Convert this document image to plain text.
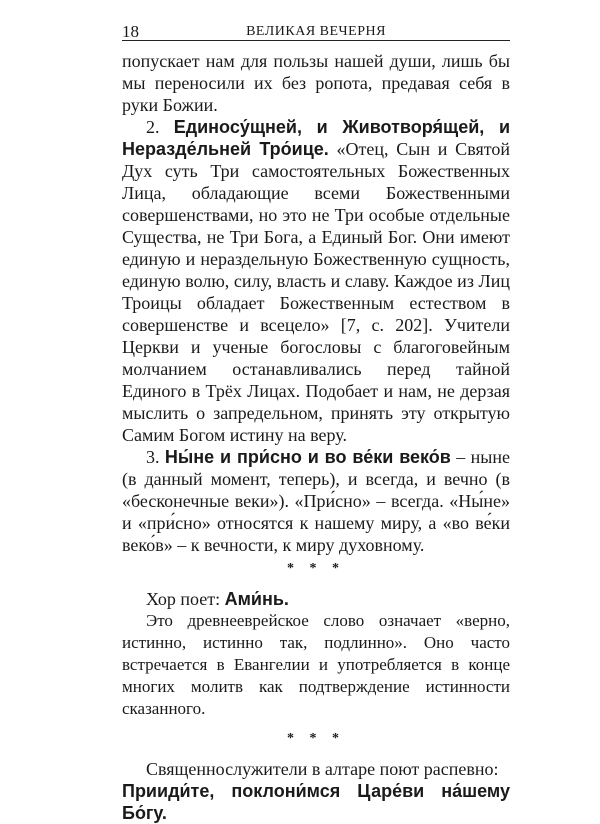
18	ВЕЛИКАЯ ВЕЧЕРНЯ

попускает нам для пользы нашей души, лишь бы мы переносили их без ропота, предавая себя в руки Божии.

2. Единосу́щней, и Животворя́щей, и Неразде́льней Тро́ице. «Отец, Сын и Святой Дух суть Три самостоятельных Божественных Лица, обладающие всеми Божественными совершенствами, но это не Три особые отдельные Существа, не Три Бога, а Единый Бог. Они имеют единую и нераздельную Божественную сущность, единую волю, силу, власть и славу. Каждое из Лиц Троицы обладает Божественным естеством в совершенстве и всецело» [7, с. 202]. Учители Церкви и ученые богословы с благоговейным молчанием останавливались перед тайной Единого в Трёх Лицах. Подобает и нам, не дерзая мыслить о запредельном, принять эту открытую Самим Богом истину на веру.

3. Ны́не и при́сно и во ве́ки веко́в – ныне (в данный момент, теперь), и всегда, и вечно (в «бесконечные веки»). «При́сно» – всегда. «Ны́не» и «при́сно» относятся к нашему миру, а «во ве́ки веко́в» – к вечности, к миру духовному.

* * *

Хор поет: Ами́нь.

Это древнееврейское слово означает «верно, истинно, истинно так, подлинно». Оно часто встречается в Евангелии и употребляется в конце многих молитв как подтверждение истинности сказанного.

* * *

Священнослужители в алтаре поют распевно:

Прииди́те, поклони́мся Царе́ви на́шему Бо́гу.
